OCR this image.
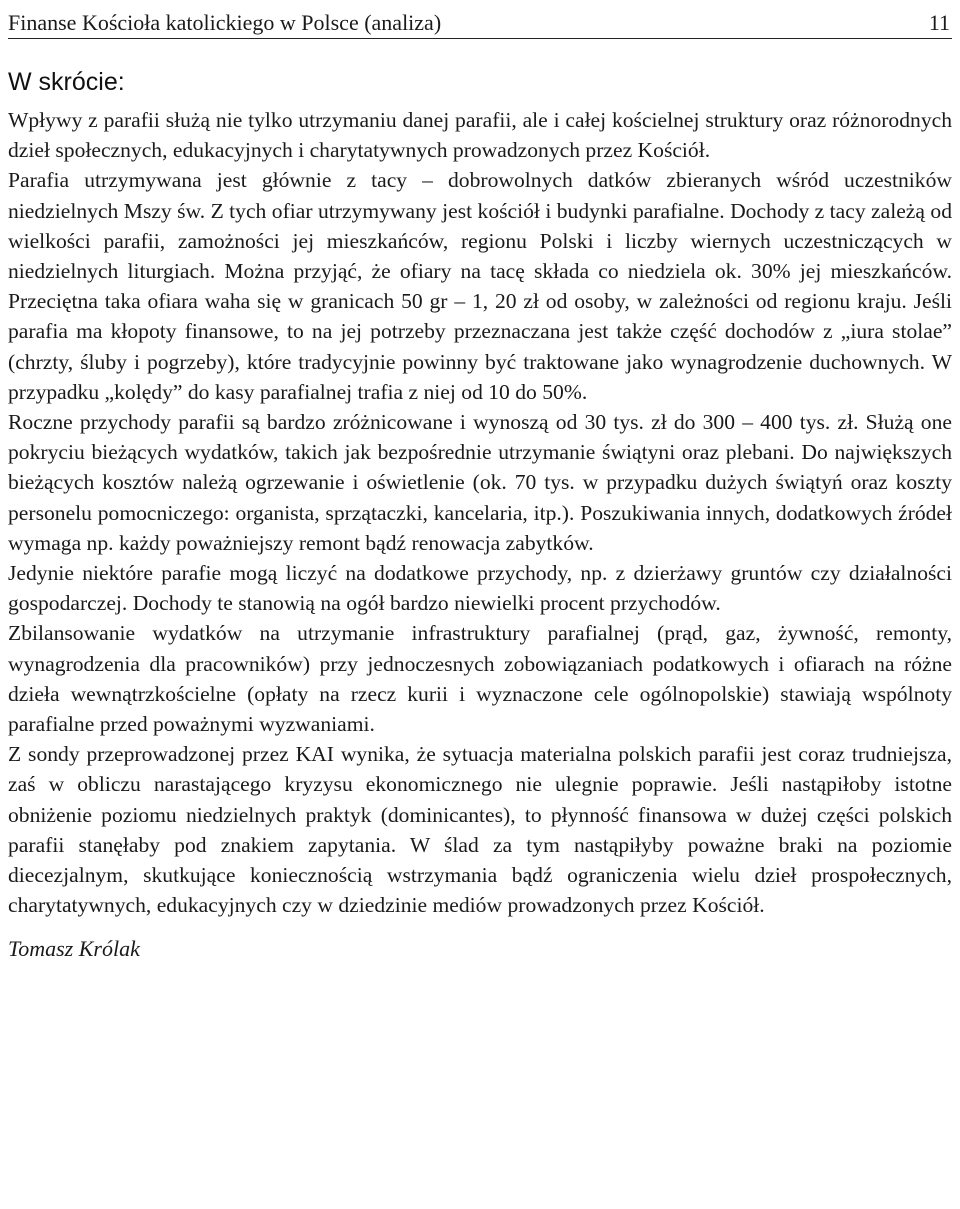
Finanse Kościoła katolickiego w Polsce (analiza)	11
W skrócie:

Wpływy z parafii służą nie tylko utrzymaniu danej parafii, ale i całej kościelnej struktury oraz różnorodnych dzieł społecznych, edukacyjnych i charytatywnych prowadzonych przez Kościół.

Parafia utrzymywana jest głównie z tacy – dobrowolnych datków zbieranych wśród uczestników niedzielnych Mszy św. Z tych ofiar utrzymywany jest kościół i budynki parafialne. Dochody z tacy zależą od wielkości parafii, zamożności jej mieszkańców, regionu Polski i liczby wiernych uczestniczących w niedzielnych liturgiach. Można przyjąć, że ofiary na tacę składa co niedziela ok. 30% jej mieszkańców. Przeciętna taka ofiara waha się w granicach 50 gr – 1, 20 zł od osoby, w zależności od regionu kraju. Jeśli parafia ma kłopoty finansowe, to na jej potrzeby przeznaczana jest także część dochodów z „iura stolae” (chrzty, śluby i pogrzeby), które tradycyjnie powinny być traktowane jako wynagrodzenie duchownych. W przypadku „kolędy” do kasy parafialnej trafia z niej od 10 do 50%.

Roczne przychody parafii są bardzo zróżnicowane i wynoszą od 30 tys. zł do 300 – 400 tys. zł. Służą one pokryciu bieżących wydatków, takich jak bezpośrednie utrzymanie świątyni oraz plebani. Do największych bieżących kosztów należą ogrzewanie i oświetlenie (ok. 70 tys. w przypadku dużych świątyń oraz koszty personelu pomocniczego: organista, sprzątaczki, kancelaria, itp.). Poszukiwania innych, dodatkowych źródeł wymaga np. każdy poważniejszy remont bądź renowacja zabytków.

Jedynie niektóre parafie mogą liczyć na dodatkowe przychody, np. z dzierżawy gruntów czy działalności gospodarczej. Dochody te stanowią na ogół bardzo niewielki procent przychodów.

Zbilansowanie wydatków na utrzymanie infrastruktury parafialnej (prąd, gaz, żywność, remonty, wynagrodzenia dla pracowników) przy jednoczesnych zobowiązaniach podatkowych i ofiarach na różne dzieła wewnątrzkościelne (opłaty na rzecz kurii i wyznaczone cele ogólnopolskie) stawiają wspólnoty parafialne przed poważnymi wyzwaniami.

Z sondy przeprowadzonej przez KAI wynika, że sytuacja materialna polskich parafii jest coraz trudniejsza, zaś w obliczu narastającego kryzysu ekonomicznego nie ulegnie poprawie. Jeśli nastąpiłoby istotne obniżenie poziomu niedzielnych praktyk (dominicantes), to płynność finansowa w dużej części polskich parafii stanęłaby pod znakiem zapytania. W ślad za tym nastąpiłyby poważne braki na poziomie diecezjalnym, skutkujące koniecznością wstrzymania bądź ograniczenia wielu dzieł prospołecznych, charytatywnych, edukacyjnych czy w dziedzinie mediów prowadzonych przez Kościół.

Tomasz Królak
